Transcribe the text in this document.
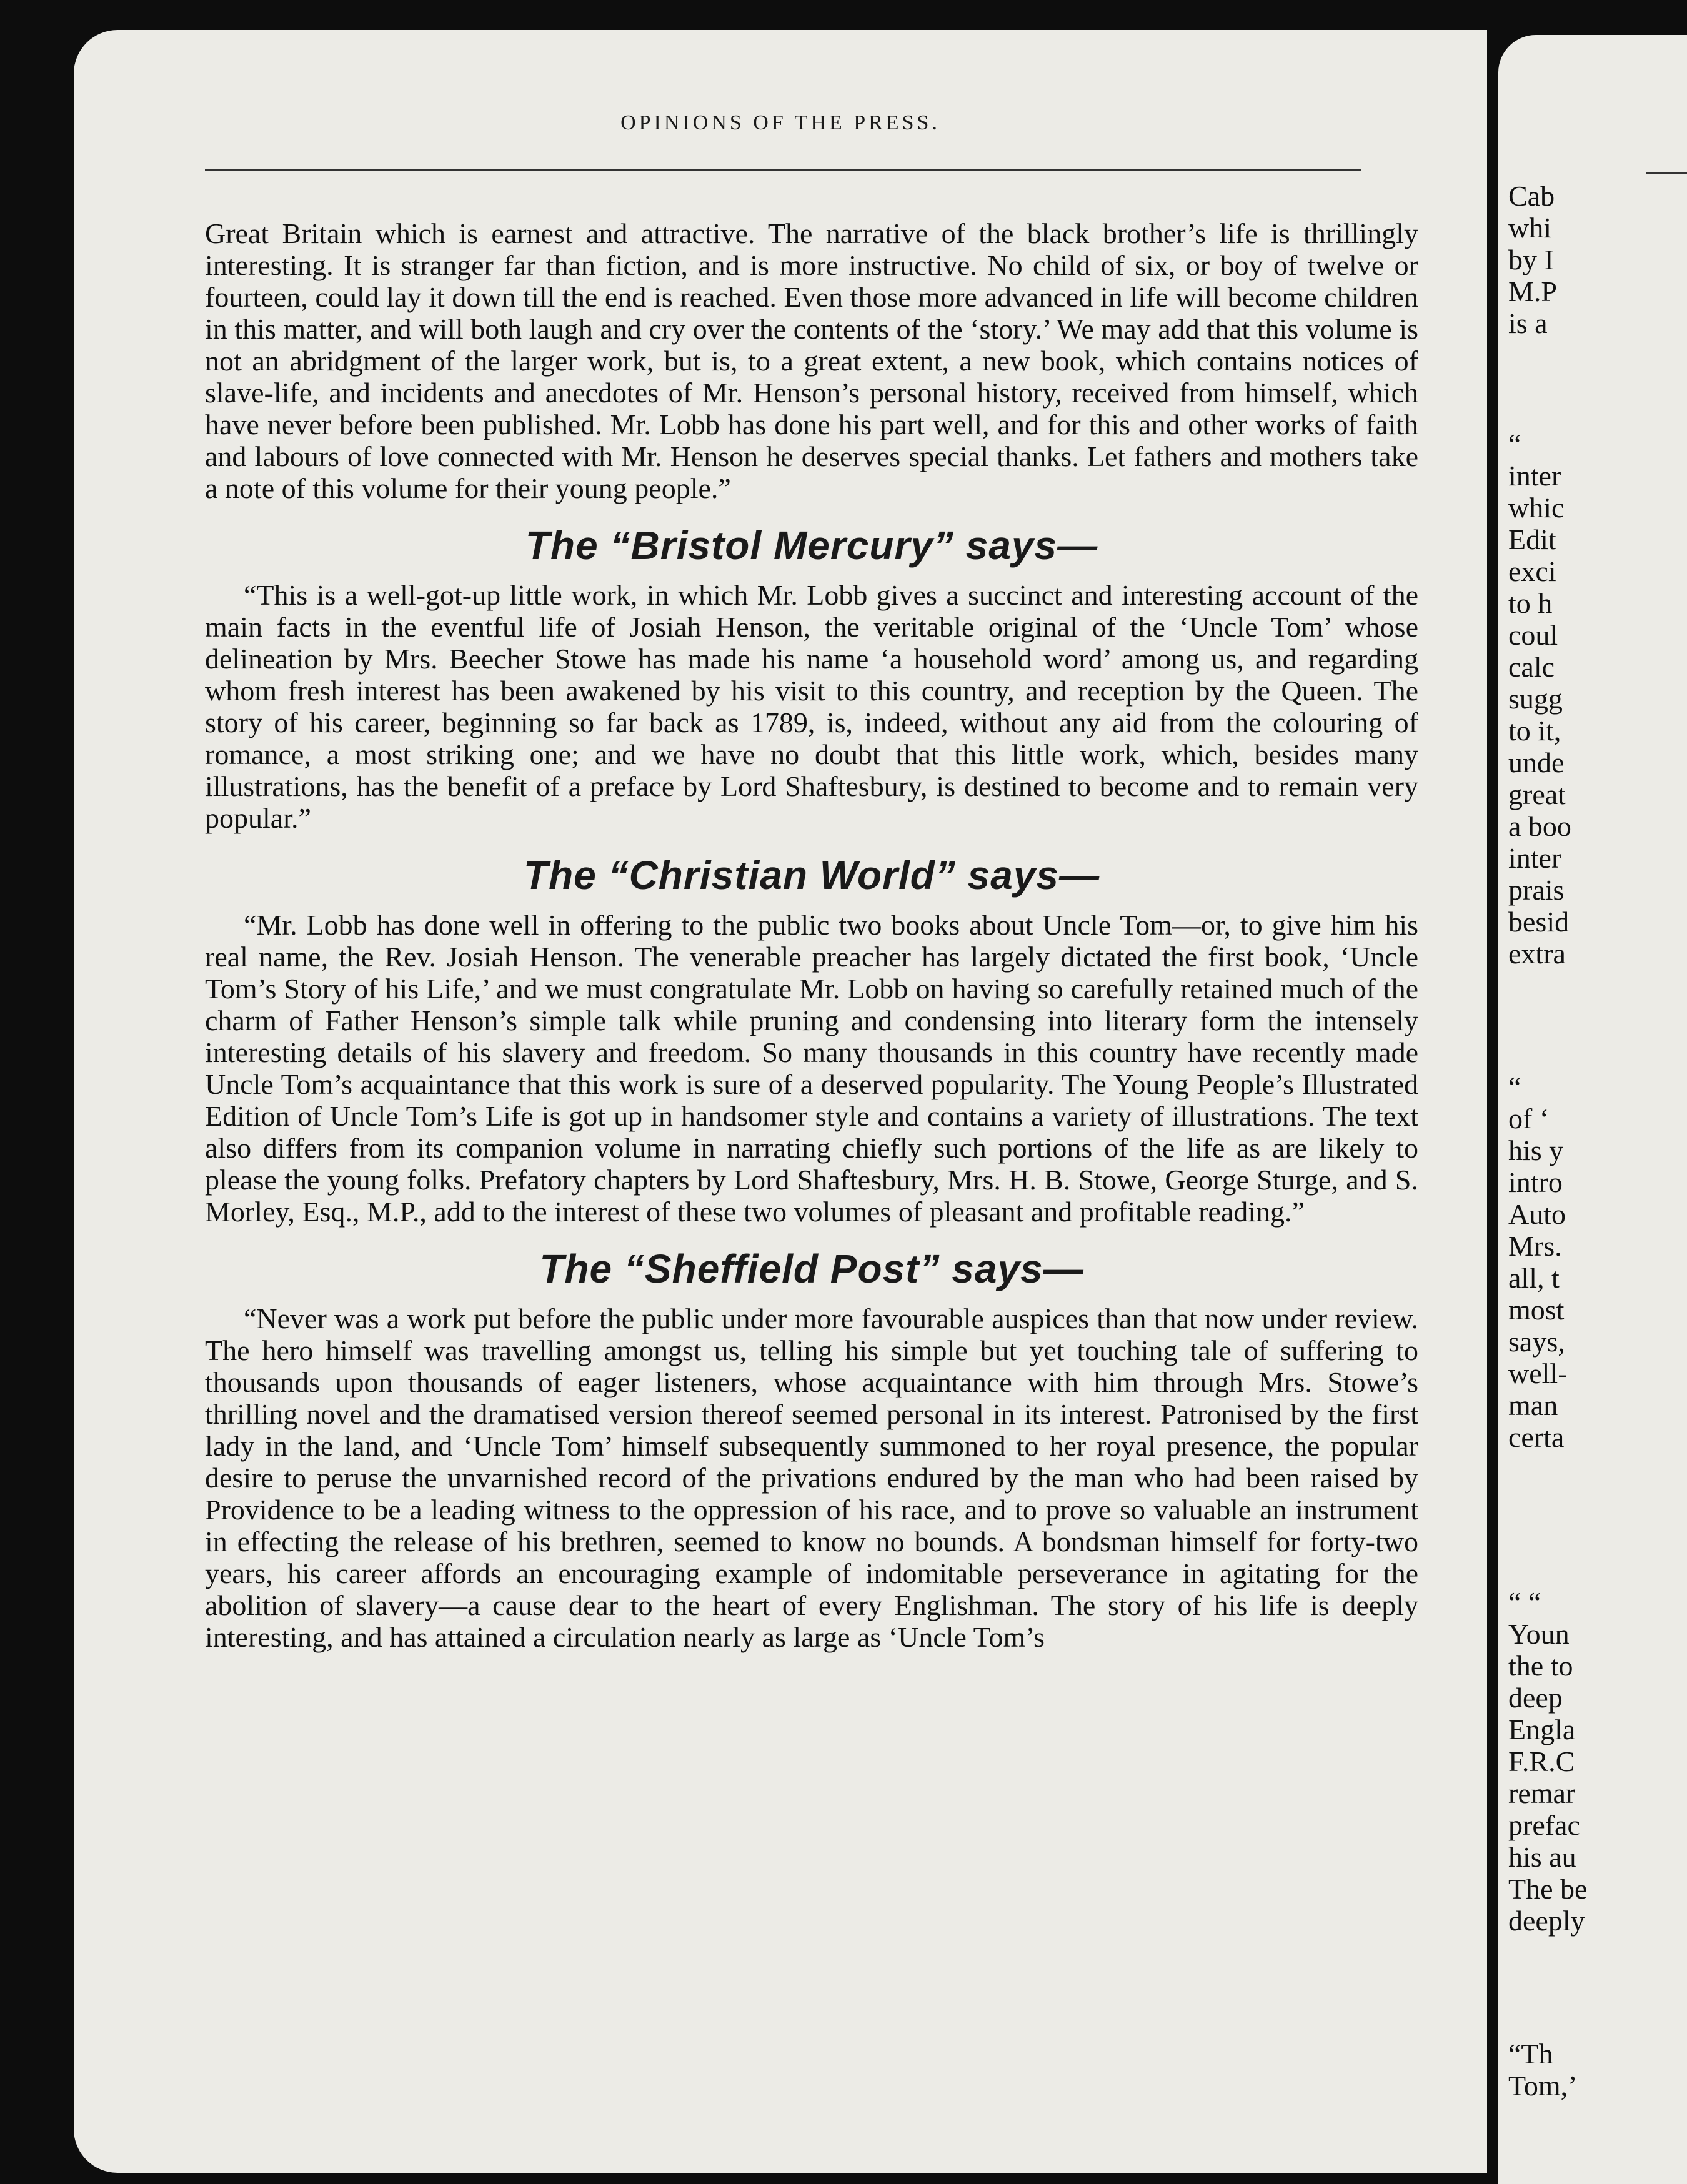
OPINIONS OF THE PRESS.

Great Britain which is earnest and attractive. The narrative of the black brother’s life is thrillingly interesting. It is stranger far than fiction, and is more instructive. No child of six, or boy of twelve or fourteen, could lay it down till the end is reached. Even those more advanced in life will become children in this matter, and will both laugh and cry over the contents of the ‘story.’ We may add that this volume is not an abridgment of the larger work, but is, to a great extent, a new book, which contains notices of slave-life, and incidents and anecdotes of Mr. Henson’s personal history, received from himself, which have never before been published. Mr. Lobb has done his part well, and for this and other works of faith and labours of love connected with Mr. Henson he deserves special thanks. Let fathers and mothers take a note of this volume for their young people.”

The “Bristol Mercury” says—

“This is a well-got-up little work, in which Mr. Lobb gives a succinct and interesting account of the main facts in the eventful life of Josiah Henson, the veritable original of the ‘Uncle Tom’ whose delineation by Mrs. Beecher Stowe has made his name ‘a household word’ among us, and regarding whom fresh interest has been awakened by his visit to this country, and reception by the Queen. The story of his career, beginning so far back as 1789, is, indeed, without any aid from the colouring of romance, a most striking one; and we have no doubt that this little work, which, besides many illustrations, has the benefit of a preface by Lord Shaftesbury, is destined to become and to remain very popular.”

The “Christian World” says—

“Mr. Lobb has done well in offering to the public two books about Uncle Tom—or, to give him his real name, the Rev. Josiah Henson. The venerable preacher has largely dictated the first book, ‘Uncle Tom’s Story of his Life,’ and we must congratulate Mr. Lobb on having so carefully retained much of the charm of Father Henson’s simple talk while pruning and condensing into literary form the intensely interesting details of his slavery and freedom. So many thousands in this country have recently made Uncle Tom’s acquaintance that this work is sure of a deserved popularity. The Young People’s Illustrated Edition of Uncle Tom’s Life is got up in handsomer style and contains a variety of illustrations. The text also differs from its companion volume in narrating chiefly such portions of the life as are likely to please the young folks. Prefatory chapters by Lord Shaftesbury, Mrs. H. B. Stowe, George Sturge, and S. Morley, Esq., M.P., add to the interest of these two volumes of pleasant and profitable reading.”

The “Sheffield Post” says—

“Never was a work put before the public under more favourable auspices than that now under review. The hero himself was travelling amongst us, telling his simple but yet touching tale of suffering to thousands upon thousands of eager listeners, whose acquaintance with him through Mrs. Stowe’s thrilling novel and the dramatised version thereof seemed personal in its interest. Patronised by the first lady in the land, and ‘Uncle Tom’ himself subsequently summoned to her royal presence, the popular desire to peruse the unvarnished record of the privations endured by the man who had been raised by Providence to be a leading witness to the oppression of his race, and to prove so valuable an instrument in effecting the release of his brethren, seemed to know no bounds. A bondsman himself for forty-two years, his career affords an encouraging example of indomitable perseverance in agitating for the abolition of slavery—a cause dear to the heart of every Englishman. The story of his life is deeply interesting, and has attained a circulation nearly as large as ‘Uncle Tom’s

Cab
whi
by I
M.P
is a
“
inter
whic
Edit
exci
to h
coul
calc
sugg
to it,
unde
great
a boo
inter
prais
besid
extra
“
of ‘
his y
intro
Auto
Mrs.
all, t
most
says,
well-
man
certa
“ “
Youn
the to
deep
Engla
F.R.C
remar
prefac
his au
The be
deeply
“Th
Tom,’
